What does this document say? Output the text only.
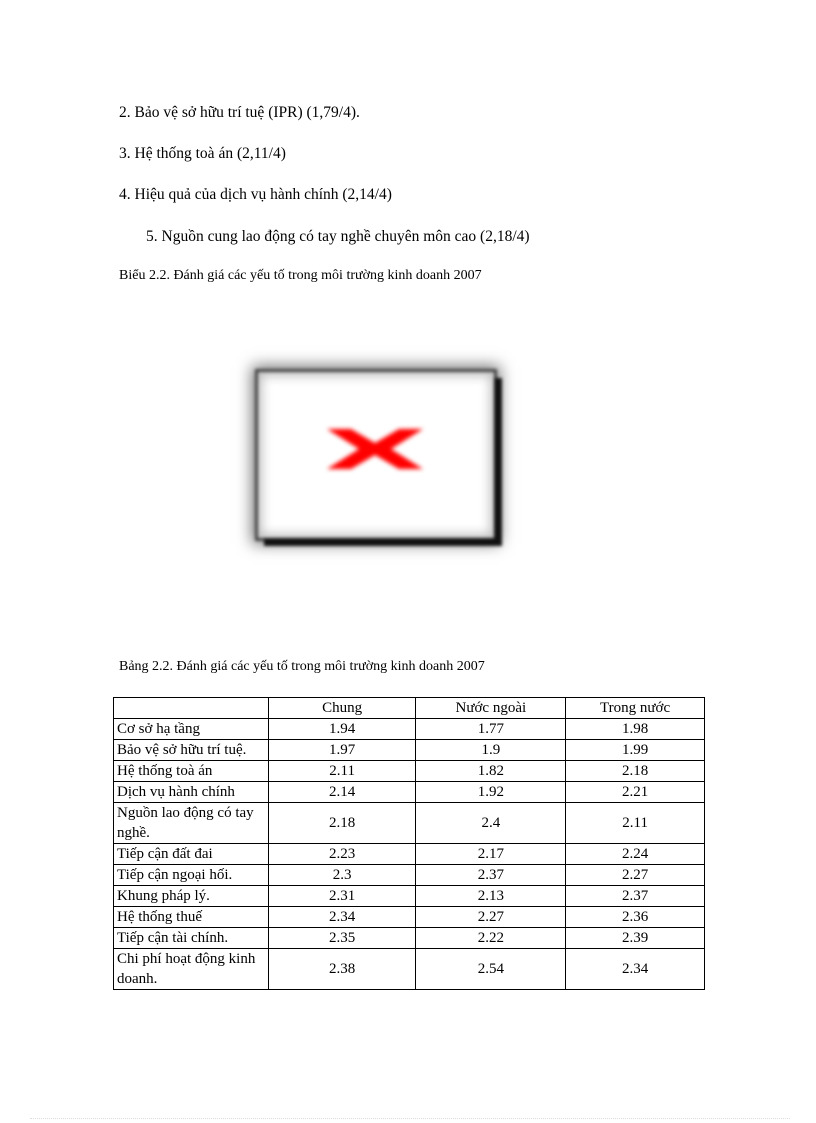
2. Bảo vệ sở hữu trí tuệ (IPR) (1,79/4).

3. Hệ thống toà án (2,11/4)

4. Hiệu quả của dịch vụ hành chính (2,14/4)

5. Nguồn cung lao động có tay nghề chuyên môn cao (2,18/4)

Biểu 2.2. Đánh giá các yếu tố trong môi trường kinh doanh 2007

Bảng 2.2. Đánh giá các yếu tố trong môi trường kinh doanh 2007

	Chung	Nước ngoài	Trong nước
Cơ sở hạ tầng	1.94	1.77	1.98
Bảo vệ sở hữu trí tuệ.	1.97	1.9	1.99
Hệ thống toà án	2.11	1.82	2.18
Dịch vụ hành chính	2.14	1.92	2.21
Nguồn lao động có tay nghề.	2.18	2.4	2.11
Tiếp cận đất đai	2.23	2.17	2.24
Tiếp cận ngoại hối.	2.3	2.37	2.27
Khung pháp lý.	2.31	2.13	2.37
Hệ thống thuế	2.34	2.27	2.36
Tiếp cận tài chính.	2.35	2.22	2.39
Chi phí hoạt động kinh doanh.	2.38	2.54	2.34
